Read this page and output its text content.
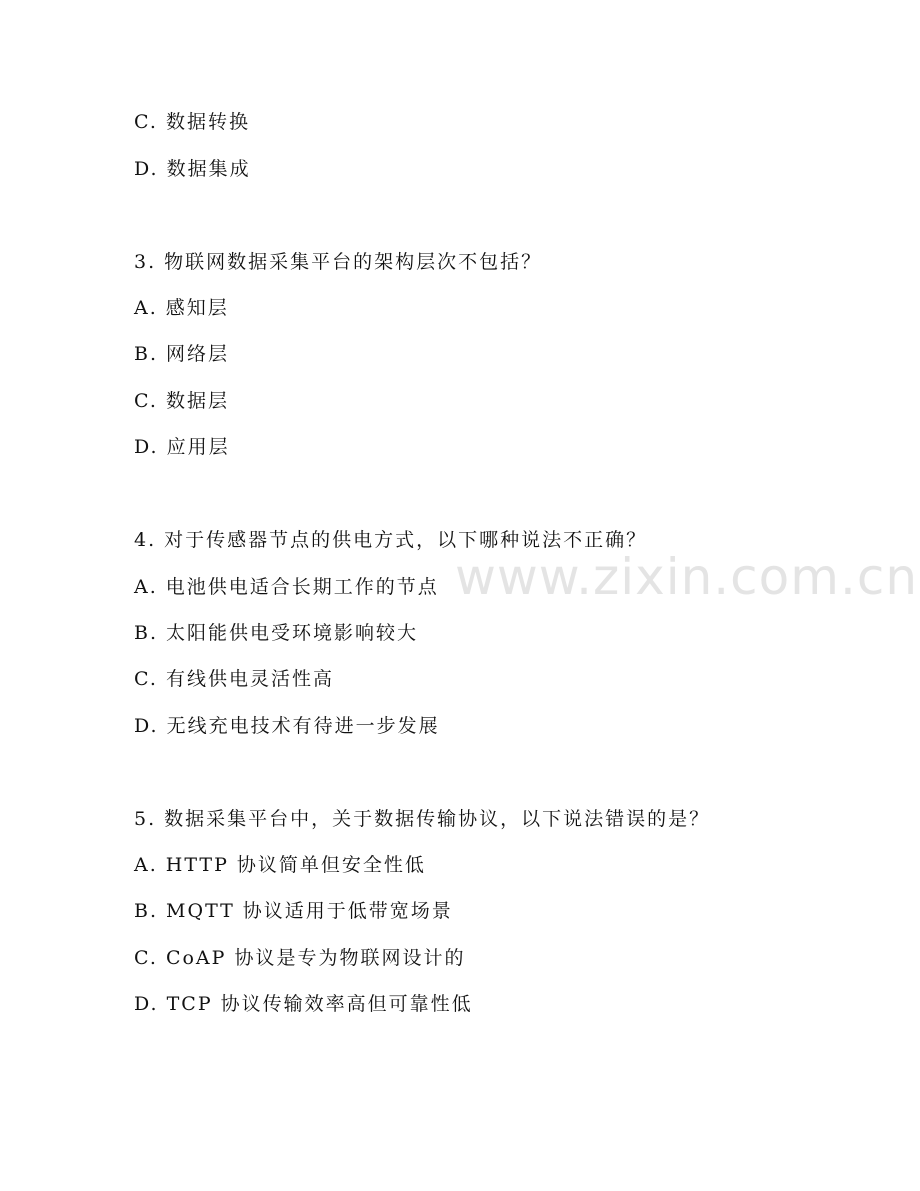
www.zixin.com.cn
C. 数据转换
D. 数据集成
3. 物联网数据采集平台的架构层次不包括？
A. 感知层
B. 网络层
C. 数据层
D. 应用层
4. 对于传感器节点的供电方式，以下哪种说法不正确？
A. 电池供电适合长期工作的节点
B. 太阳能供电受环境影响较大
C. 有线供电灵活性高
D. 无线充电技术有待进一步发展
5. 数据采集平台中，关于数据传输协议，以下说法错误的是？
A. HTTP 协议简单但安全性低
B. MQTT 协议适用于低带宽场景
C. CoAP 协议是专为物联网设计的
D. TCP 协议传输效率高但可靠性低
